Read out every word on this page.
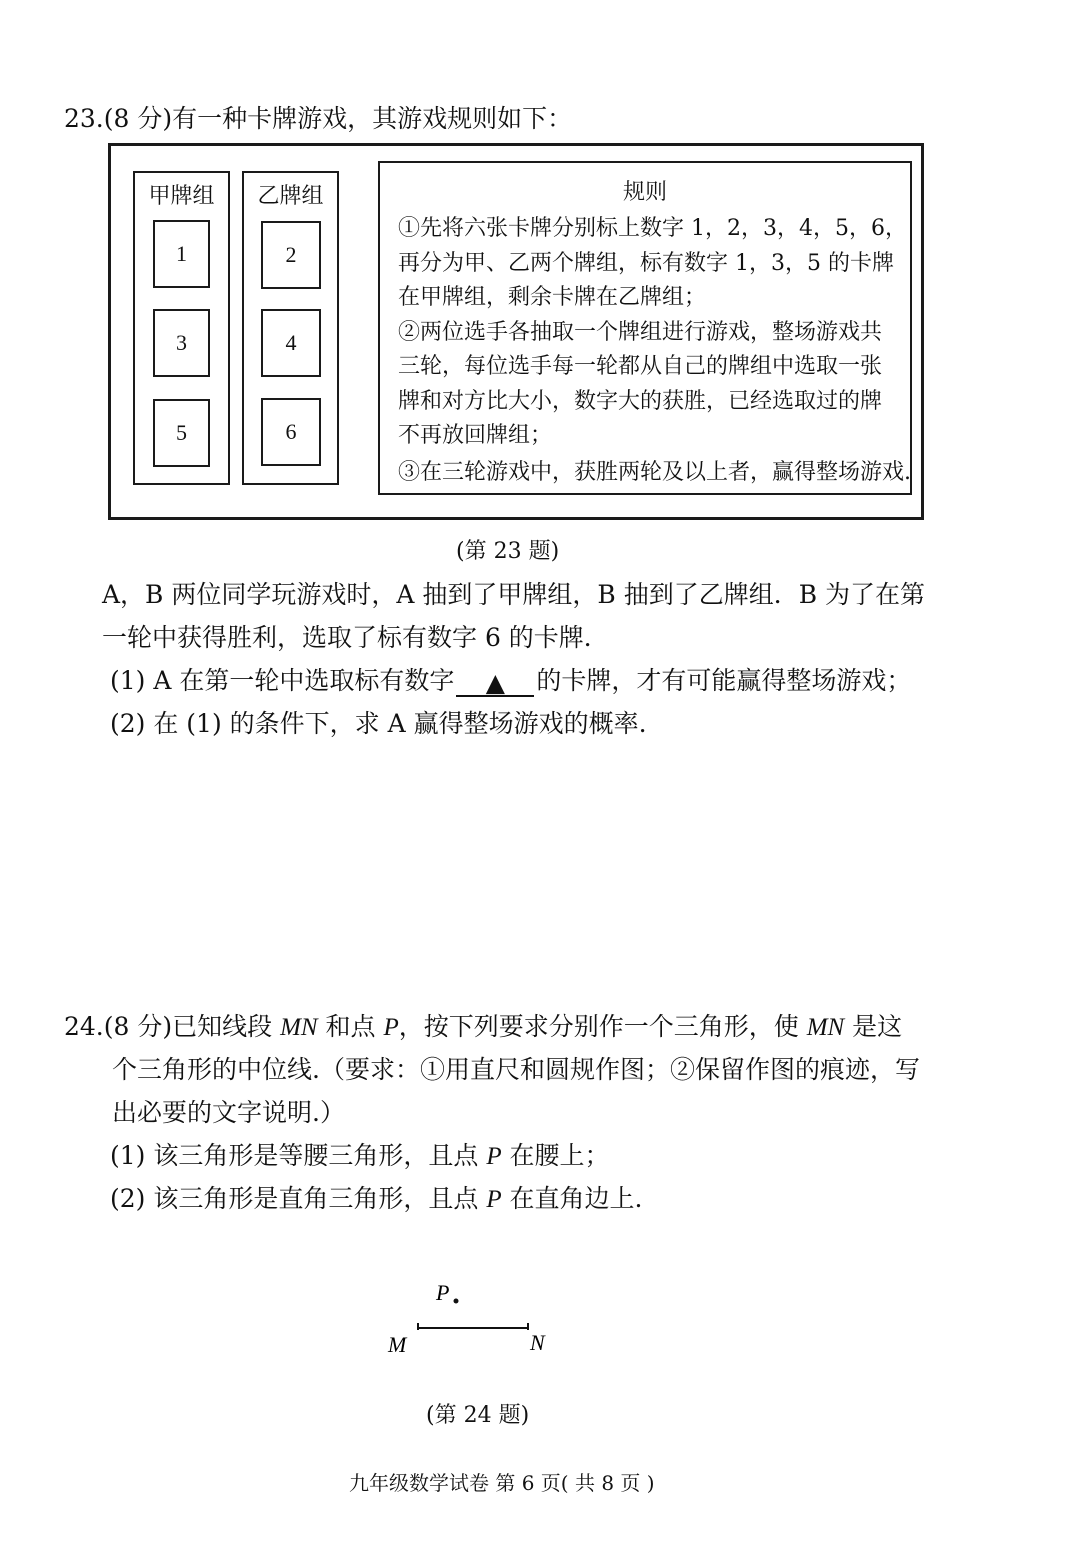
23.(8 分)有一种卡牌游戏，其游戏规则如下：
甲牌组
1
3
5
乙牌组
2
4
6
规则
①先将六张卡牌分别标上数字 1，2，3，4，5，6，
再分为甲、乙两个牌组，标有数字 1，3，5 的卡牌
在甲牌组，剩余卡牌在乙牌组；
②两位选手各抽取一个牌组进行游戏，整场游戏共
三轮，每位选手每一轮都从自己的牌组中选取一张
牌和对方比大小，数字大的获胜，已经选取过的牌
不再放回牌组；
③在三轮游戏中，获胜两轮及以上者，赢得整场游戏.
(第 23 题)
A，B 两位同学玩游戏时，A 抽到了甲牌组，B 抽到了乙牌组．B 为了在第
一轮中获得胜利，选取了标有数字 6 的卡牌．
(1) A 在第一轮中选取标有数字 ▲ 的卡牌，才有可能赢得整场游戏；
(2) 在 (1) 的条件下，求 A 赢得整场游戏的概率.
24.(8 分)已知线段 MN 和点 P，按下列要求分别作一个三角形，使 MN 是这
个三角形的中位线.（要求：①用直尺和圆规作图；②保留作图的痕迹，写
出必要的文字说明.）
(1) 该三角形是等腰三角形，且点 P 在腰上；
(2) 该三角形是直角三角形，且点 P 在直角边上.
P
M	N
(第 24 题)
九年级数学试卷 第 6 页( 共 8 页 )
